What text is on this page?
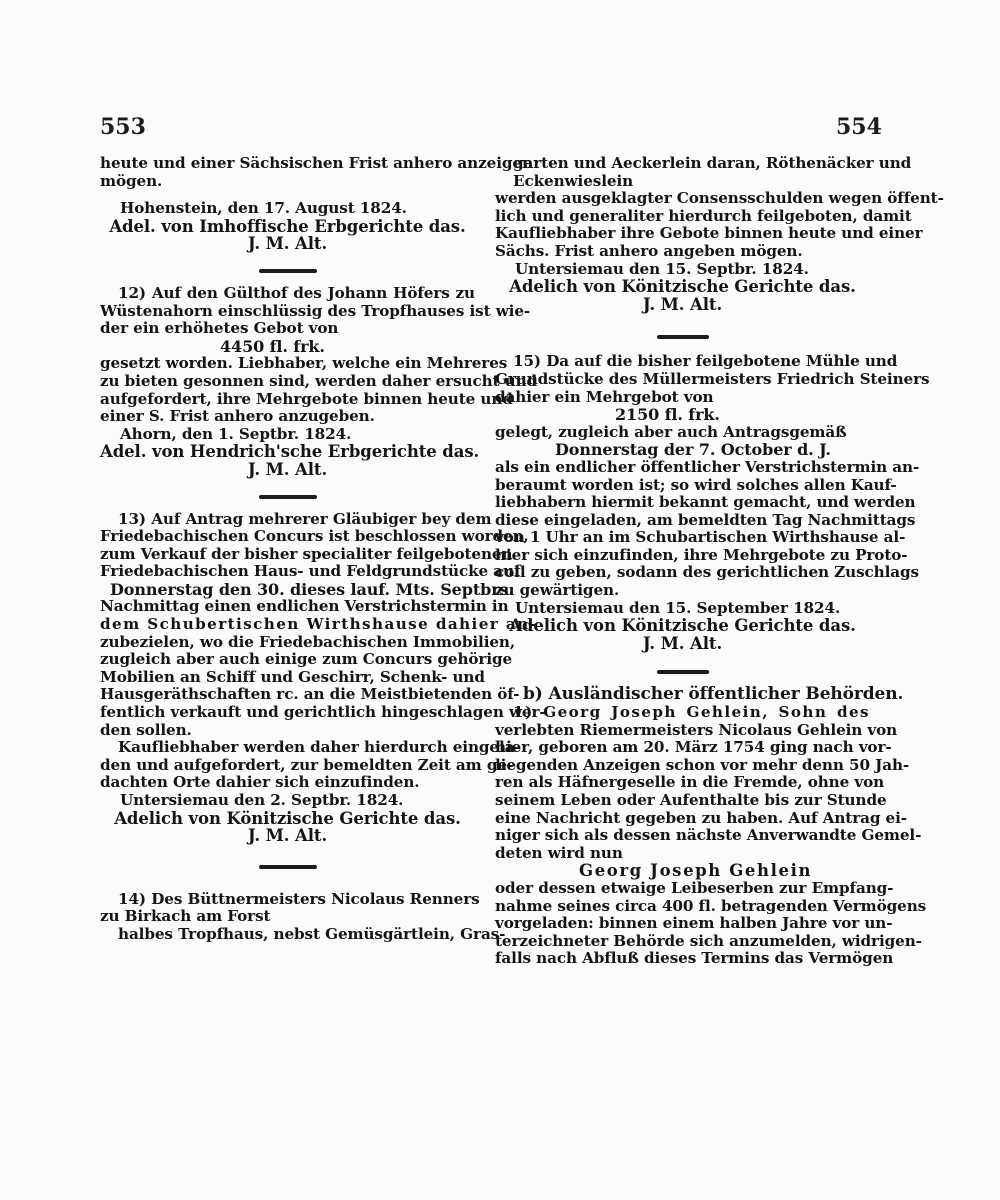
553	554

heute und einer Sächsischen Frist anhero anzeigen
mögen.

Hohenstein, den 17. August 1824.

Adel. von Imhoffische Erbgerichte das.

J. M. Alt.

12) Auf den Gülthof des Johann Höfers zu
Wüstenahorn einschlüssig des Tropfhauses ist wie-
der ein erhöhetes Gebot von

4450 fl. frk.

gesetzt worden. Liebhaber, welche ein Mehreres
zu bieten gesonnen sind, werden daher ersucht und
aufgefordert, ihre Mehrgebote binnen heute und
einer S. Frist anhero anzugeben.

Ahorn, den 1. Septbr. 1824.

Adel. von Hendrich'sche Erbgerichte das.

J. M. Alt.

13) Auf Antrag mehrerer Gläubiger bey dem
Friedebachischen Concurs ist beschlossen worden,
zum Verkauf der bisher specialiter feilgebotenen
Friedebachischen Haus- und Feldgrundstücke auf

Donnerstag den 30. dieses lauf. Mts. Septbrs.

Nachmittag einen endlichen Verstrichstermin in
dem Schubertischen Wirthshause dahier an-
zubezielen, wo die Friedebachischen Immobilien,
zugleich aber auch einige zum Concurs gehörige
Mobilien an Schiff und Geschirr, Schenk- und
Hausgeräthschaften rc. an die Meistbietenden öf-
fentlich verkauft und gerichtlich hingeschlagen wer-
den sollen.

Kaufliebhaber werden daher hierdurch eingela-
den und aufgefordert, zur bemeldten Zeit am ge-
dachten Orte dahier sich einzufinden.

Untersiemau den 2. Septbr. 1824.

Adelich von Könitzische Gerichte das.

J. M. Alt.

14) Des Büttnermeisters Nicolaus Renners
zu Birkach am Forst
halbes Tropfhaus, nebst Gemüsgärtlein, Gras-

garten und Aeckerlein daran, Röthenäcker und
Eckenwieslein
werden ausgeklagter Consensschulden wegen öffent-
lich und generaliter hierdurch feilgeboten, damit
Kaufliebhaber ihre Gebote binnen heute und einer
Sächs. Frist anhero angeben mögen.

Untersiemau den 15. Septbr. 1824.

Adelich von Könitzische Gerichte das.

J. M. Alt.

15) Da auf die bisher feilgebotene Mühle und
Grundstücke des Müllermeisters Friedrich Steiners
dahier ein Mehrgebot von

2150 fl. frk.

gelegt, zugleich aber auch Antragsgemäß

Donnerstag der 7. October d. J.

als ein endlicher öffentlicher Verstrichstermin an-
beraumt worden ist; so wird solches allen Kauf-
liebhabern hiermit bekannt gemacht, und werden
diese eingeladen, am bemeldten Tag Nachmittags
von 1 Uhr an im Schubartischen Wirthshause al-
hier sich einzufinden, ihre Mehrgebote zu Proto-
coll zu geben, sodann des gerichtlichen Zuschlags
zu gewärtigen.

Untersiemau den 15. September 1824.

Adelich von Könitzische Gerichte das.

J. M. Alt.

b) Ausländischer öffentlicher Behörden.

1) Georg Joseph Gehlein, Sohn des
verlebten Riemermeisters Nicolaus Gehlein von
hier, geboren am 20. März 1754 ging nach vor-
liegenden Anzeigen schon vor mehr denn 50 Jah-
ren als Häfnergeselle in die Fremde, ohne von
seinem Leben oder Aufenthalte bis zur Stunde
eine Nachricht gegeben zu haben. Auf Antrag ei-
niger sich als dessen nächste Anverwandte Gemel-
deten wird nun

Georg Joseph Gehlein

oder dessen etwaige Leibeserben zur Empfang-
nahme seines circa 400 fl. betragenden Vermögens
vorgeladen: binnen einem halben Jahre vor un-
terzeichneter Behörde sich anzumelden, widrigen-
falls nach Abfluß dieses Termins das Vermögen
